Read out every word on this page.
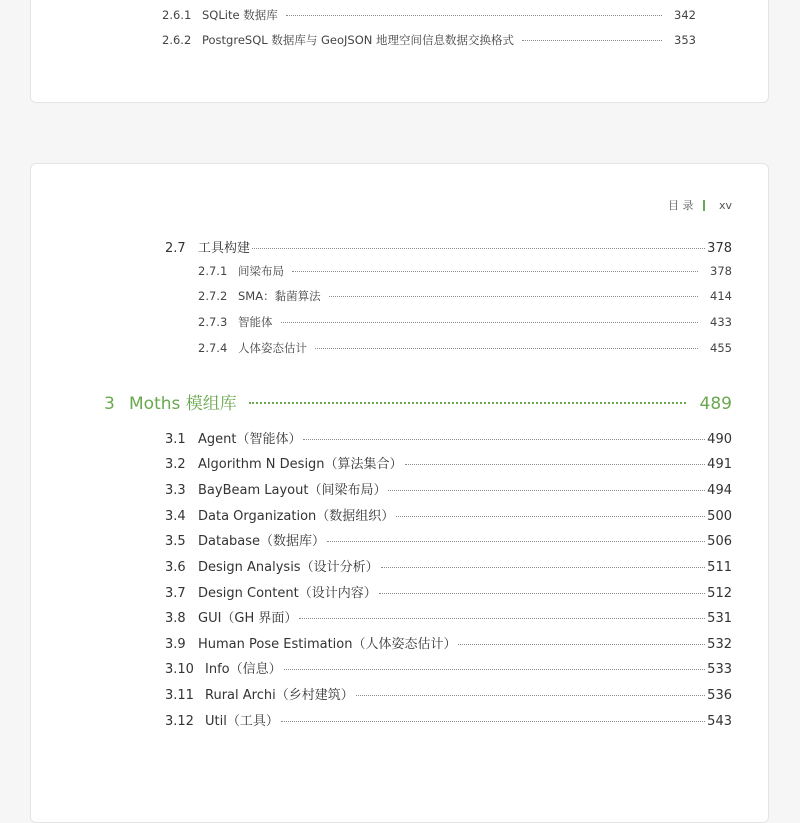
2.6.1 SQLite 数据库	342
2.6.2 PostgreSQL 数据库与 GeoJSON 地理空间信息数据交换格式	353
目 录 xv
2.7 工具构建	378
2.7.1 间梁布局	378
2.7.2 SMA：黏菌算法	414
2.7.3 智能体	433
2.7.4 人体姿态估计	455
3 Moths 模组库	489
3.1 Agent（智能体）	490
3.2 Algorithm N Design（算法集合）	491
3.3 BayBeam Layout（间梁布局）	494
3.4 Data Organization（数据组织）	500
3.5 Database（数据库）	506
3.6 Design Analysis（设计分析）	511
3.7 Design Content（设计内容）	512
3.8 GUI（GH 界面）	531
3.9 Human Pose Estimation（人体姿态估计）	532
3.10 Info（信息）	533
3.11 Rural Archi（乡村建筑）	536
3.12 Util（工具）	543
